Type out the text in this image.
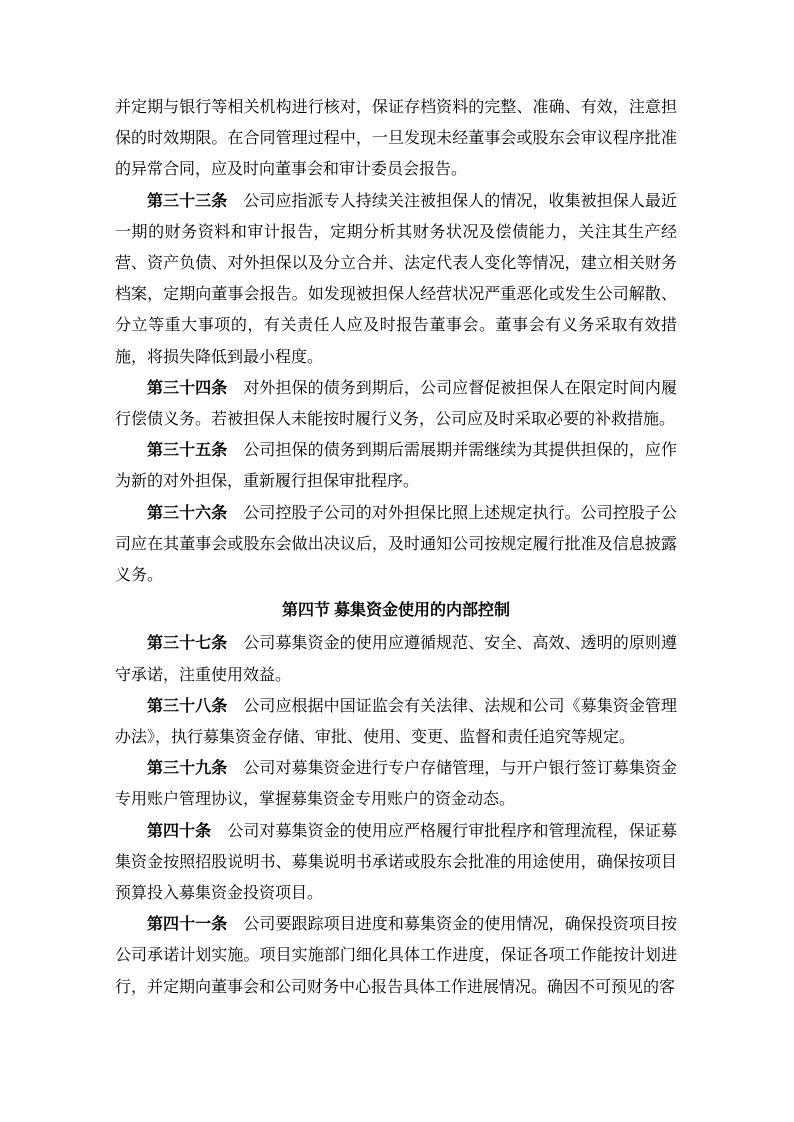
并定期与银行等相关机构进行核对，保证存档资料的完整、准确、有效，注意担保的时效期限。在合同管理过程中，一旦发现未经董事会或股东会审议程序批准的异常合同，应及时向董事会和审计委员会报告。

第三十三条　 公司应指派专人持续关注被担保人的情况，收集被担保人最近一期的财务资料和审计报告，定期分析其财务状况及偿债能力，关注其生产经营、资产负债、对外担保以及分立合并、法定代表人变化等情况，建立相关财务档案，定期向董事会报告。如发现被担保人经营状况严重恶化或发生公司解散、分立等重大事项的，有关责任人应及时报告董事会。董事会有义务采取有效措施，将损失降低到最小程度。

第三十四条　 对外担保的债务到期后，公司应督促被担保人在限定时间内履行偿债义务。若被担保人未能按时履行义务，公司应及时采取必要的补救措施。

第三十五条　 公司担保的债务到期后需展期并需继续为其提供担保的，应作为新的对外担保，重新履行担保审批程序。

第三十六条　 公司控股子公司的对外担保比照上述规定执行。公司控股子公司应在其董事会或股东会做出决议后，及时通知公司按规定履行批准及信息披露义务。

第四节 募集资金使用的内部控制

第三十七条　 公司募集资金的使用应遵循规范、安全、高效、透明的原则遵守承诺，注重使用效益。

第三十八条　 公司应根据中国证监会有关法律、法规和公司《募集资金管理办法》，执行募集资金存储、审批、使用、变更、监督和责任追究等规定。

第三十九条　 公司对募集资金进行专户存储管理，与开户银行签订募集资金专用账户管理协议，掌握募集资金专用账户的资金动态。

第四十条　 公司对募集资金的使用应严格履行审批程序和管理流程，保证募集资金按照招股说明书、募集说明书承诺或股东会批准的用途使用，确保按项目预算投入募集资金投资项目。

第四十一条　 公司要跟踪项目进度和募集资金的使用情况，确保投资项目按公司承诺计划实施。项目实施部门细化具体工作进度，保证各项工作能按计划进行，并定期向董事会和公司财务中心报告具体工作进展情况。确因不可预见的客
